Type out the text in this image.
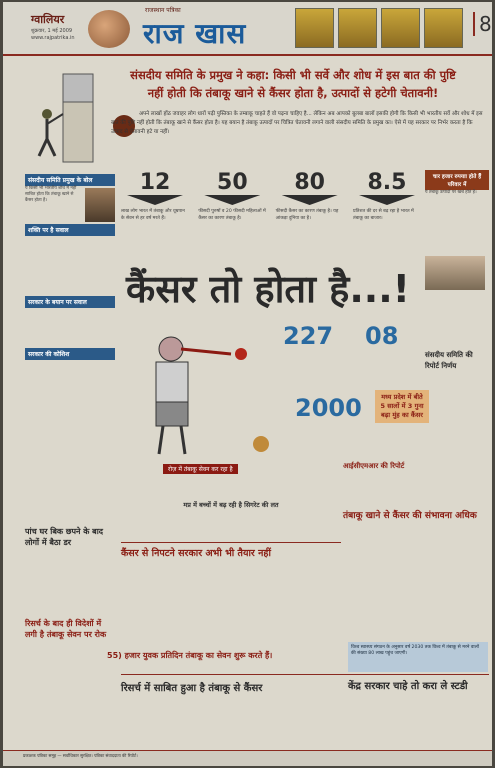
ग्वालियर
शुक्रवार, 1 मई 2009
www.rajpatrika.in
राजस्थान पत्रिका
राज खास	8
संसदीय समिति के प्रमुख ने कहा: किसी भी सर्वे और शोध में इस बात की पुष्टि
नहीं होती कि तंबाकू खाने से कैंसर होता है, उत्पादों से हटेगी चेतावनी!
अपने लाखों होंठ जवाहर लोग धारों पढ़ी पुस्तिका के तम्बाकू चाहते हैं वो पढ़ना चाहिए है... लेकिन अब आपको बुलबा बालों इसकी होगी कि किसी भी भारतीय सर्वे और शोध में इस बात की पुष्टि नहीं होती कि तंबाकू खाने से कैंसर होता है। यह बयान है तंबाकू उत्पादों पर चित्रित चेतावनी लगाने वाली संसदीय समिति के प्रमुख का। ऐसे में यह सरकार पर निर्भर करता है कि उत्पाद से चेतावनी हटे या नहीं।
संसदीय समिति प्रमुख के बोल
ये किसी भी भारतीय शोध में नहीं साबित होता कि तंबाकू खाने से कैंसर होता है।
शक्ति पर है सवाल
सरकार के बयान पर सवाल
सरकार की कोशिश
12
लाख लोग भारत में तंबाकू और धूम्रपान के सेवन से हर वर्ष मरते हैं।
50
फीसदी पुरुषों व 20 फीसदी महिलाओं में कैंसर का कारण तंबाकू है।
80
फीसदी कैंसर का कारण तंबाकू है। यह आंकड़ा दुनिया का है।
8.5
प्रतिशत की दर से बढ़ रहा है भारत में तंबाकू का बाजार।
चार हजार रुपयाा होते हैं परिवार में
ये तंबाकू उत्पादों पर खर्च होते हैं।
संसदीय समिति की रिपोर्ट निर्णय
कैंसर तो होता है...!
227 08
2000	मध्य प्रदेश में बीते 5 सालों में 3 गुना बढ़ा मुंह का कैंसर
रोज़ में तंबाकू सेवन कर रहा है	आईसीएमआर की रिपोर्ट
पांच घर बिक छपने के बाद लोगों में बैठा डर
रिसर्च के बाद ही विदेशों में लगी है तंबाकू सेवन पर रोक
मप्र में बच्चों में बढ़ रही है सिगरेट की लत
कैंसर से निपटने सरकार अभी भी तैयार नहीं
तंबाकू खाने से कैंसर की संभावना अधिक
55) हजार युवक प्रतिदिन तंबाकू का सेवन शुरू करते हैं।
विश्व स्वास्थ्य संगठन के अनुसार वर्ष 2030 तक विश्व में तंबाकू से मरने वालों की संख्या 80 लाख पहुंच जाएगी।
रिसर्च में साबित हुआ है तंबाकू से कैंसर	केंद्र सरकार चाहे तो करा ले स्टडी
प्रकाशक पत्रिका समूह — सर्वाधिकार सुरक्षित। पत्रिका संवाददाता की रिपोर्ट।
